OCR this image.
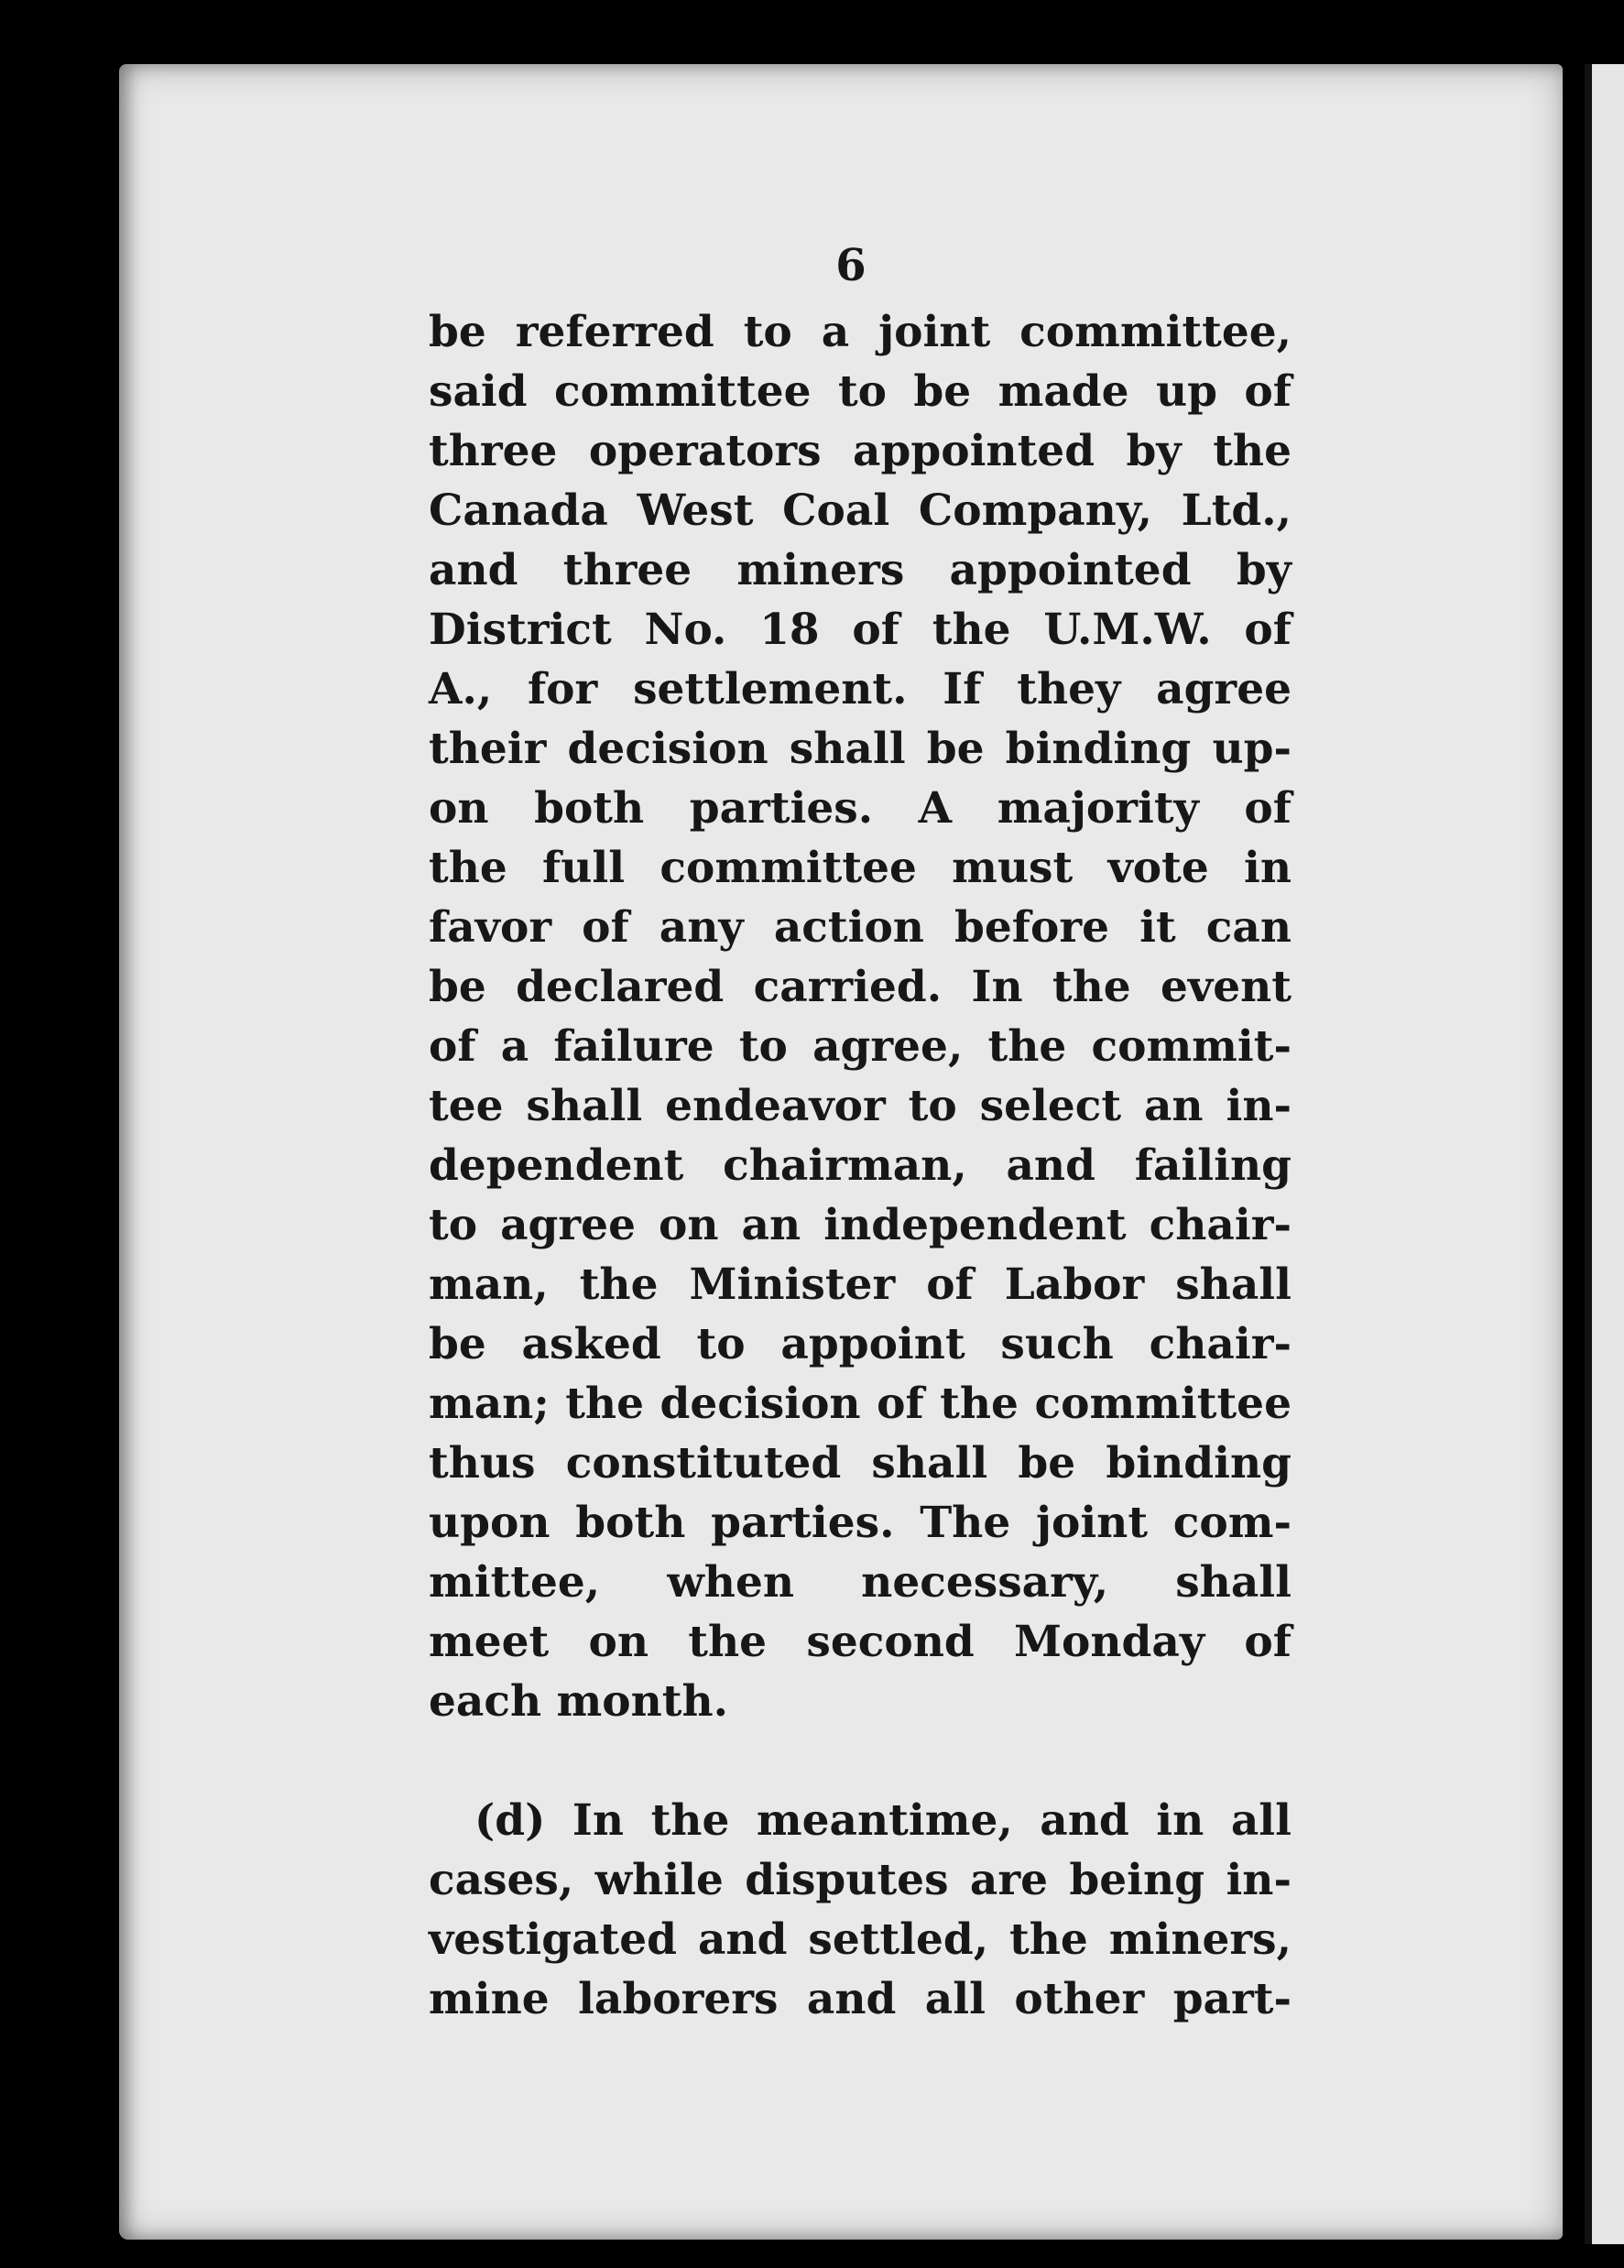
6
be referred to a joint committee,
said committee to be made up of
three operators appointed by the
Canada West Coal Company, Ltd.,
and three miners appointed by
District No. 18 of the U.M.W. of
A., for settlement. If they agree
their decision shall be binding up-
on both parties. A majority of
the full committee must vote in
favor of any action before it can
be declared carried. In the event
of a failure to agree, the commit-
tee shall endeavor to select an in-
dependent chairman, and failing
to agree on an independent chair-
man, the Minister of Labor shall
be asked to appoint such chair-
man; the decision of the committee
thus constituted shall be binding
upon both parties. The joint com-
mittee, when necessary, shall
meet on the second Monday of
each month.
(d) In the meantime, and in all
cases, while disputes are being in-
vestigated and settled, the miners,
mine laborers and all other part-
